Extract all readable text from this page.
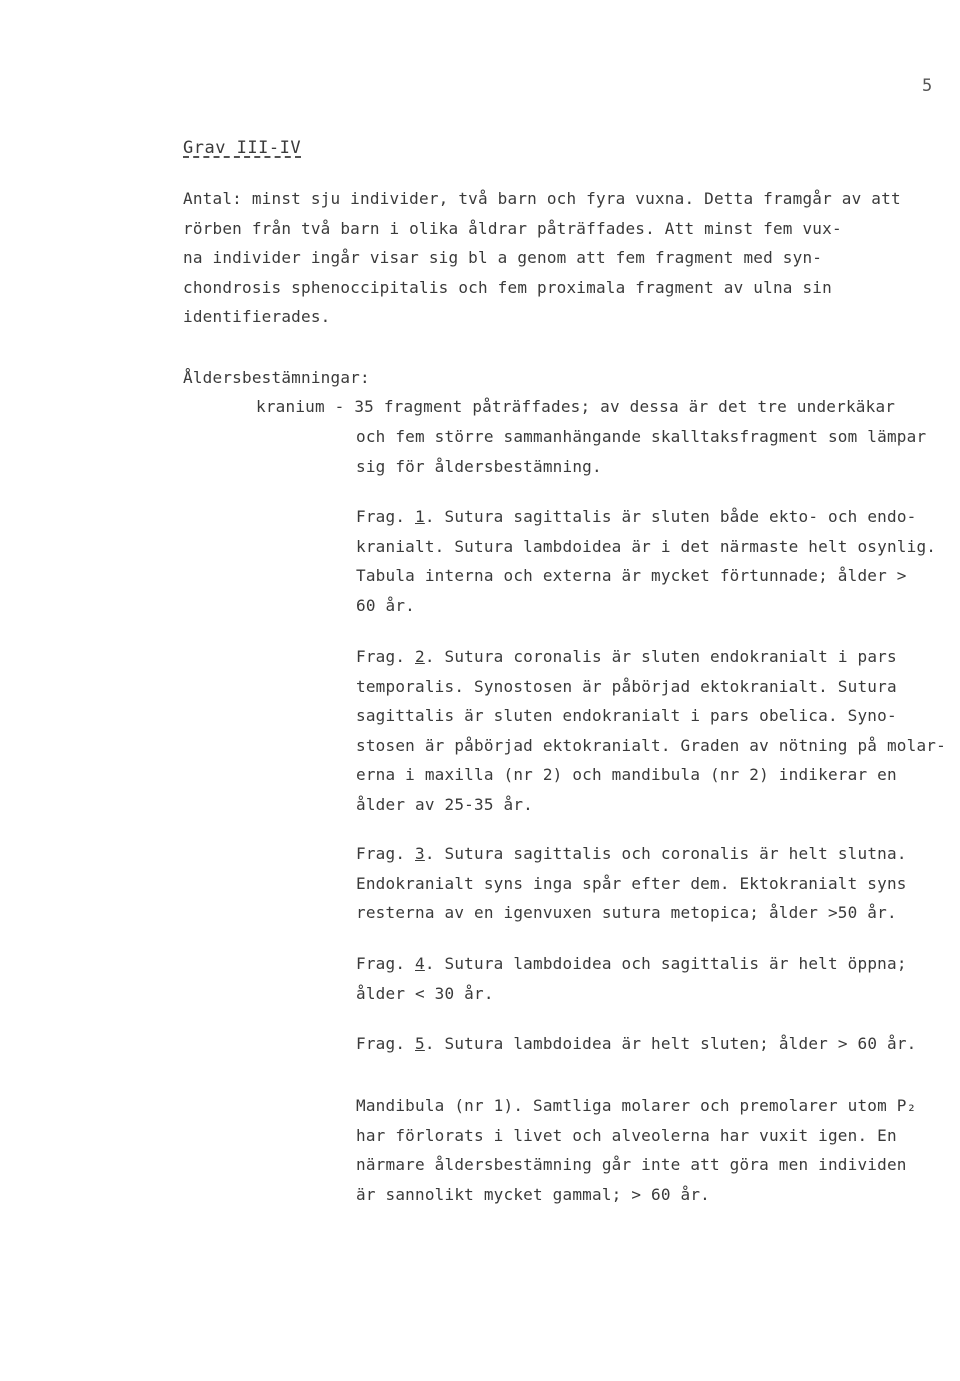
5
Grav III-IV
Antal: minst sju individer, två barn och fyra vuxna. Detta framgår av att
rörben från två barn i olika åldrar påträffades. Att minst fem vux-
na individer ingår visar sig bl a genom att fem fragment med syn-
chondrosis sphenoccipitalis och fem proximala fragment av ulna sin
identifierades.
Åldersbestämningar:
kranium - 35 fragment påträffades; av dessa är det tre underkäkar
och fem större sammanhängande skalltaksfragment som lämpar
sig för åldersbestämning.
Frag. 1. Sutura sagittalis är sluten både ekto- och endo-
kranialt. Sutura lambdoidea är i det närmaste helt osynlig.
Tabula interna och externa är mycket förtunnade; ålder >
60 år.
Frag. 2. Sutura coronalis är sluten endokranialt i pars
temporalis. Synostosen är påbörjad ektokranialt. Sutura
sagittalis är sluten endokranialt i pars obelica. Syno-
stosen är påbörjad ektokranialt. Graden av nötning på molar-
erna i maxilla (nr 2) och mandibula (nr 2) indikerar en
ålder av 25-35 år.
Frag. 3. Sutura sagittalis och coronalis är helt slutna.
Endokranialt syns inga spår efter dem. Ektokranialt syns
resterna av en igenvuxen sutura metopica; ålder >50 år.
Frag. 4. Sutura lambdoidea och sagittalis är helt öppna;
ålder < 30 år.
Frag. 5. Sutura lambdoidea är helt sluten; ålder > 60 år.
Mandibula (nr 1). Samtliga molarer och premolarer utom P₂
har förlorats i livet och alveolerna har vuxit igen. En
närmare åldersbestämning går inte att göra men individen
är sannolikt mycket gammal; > 60 år.
